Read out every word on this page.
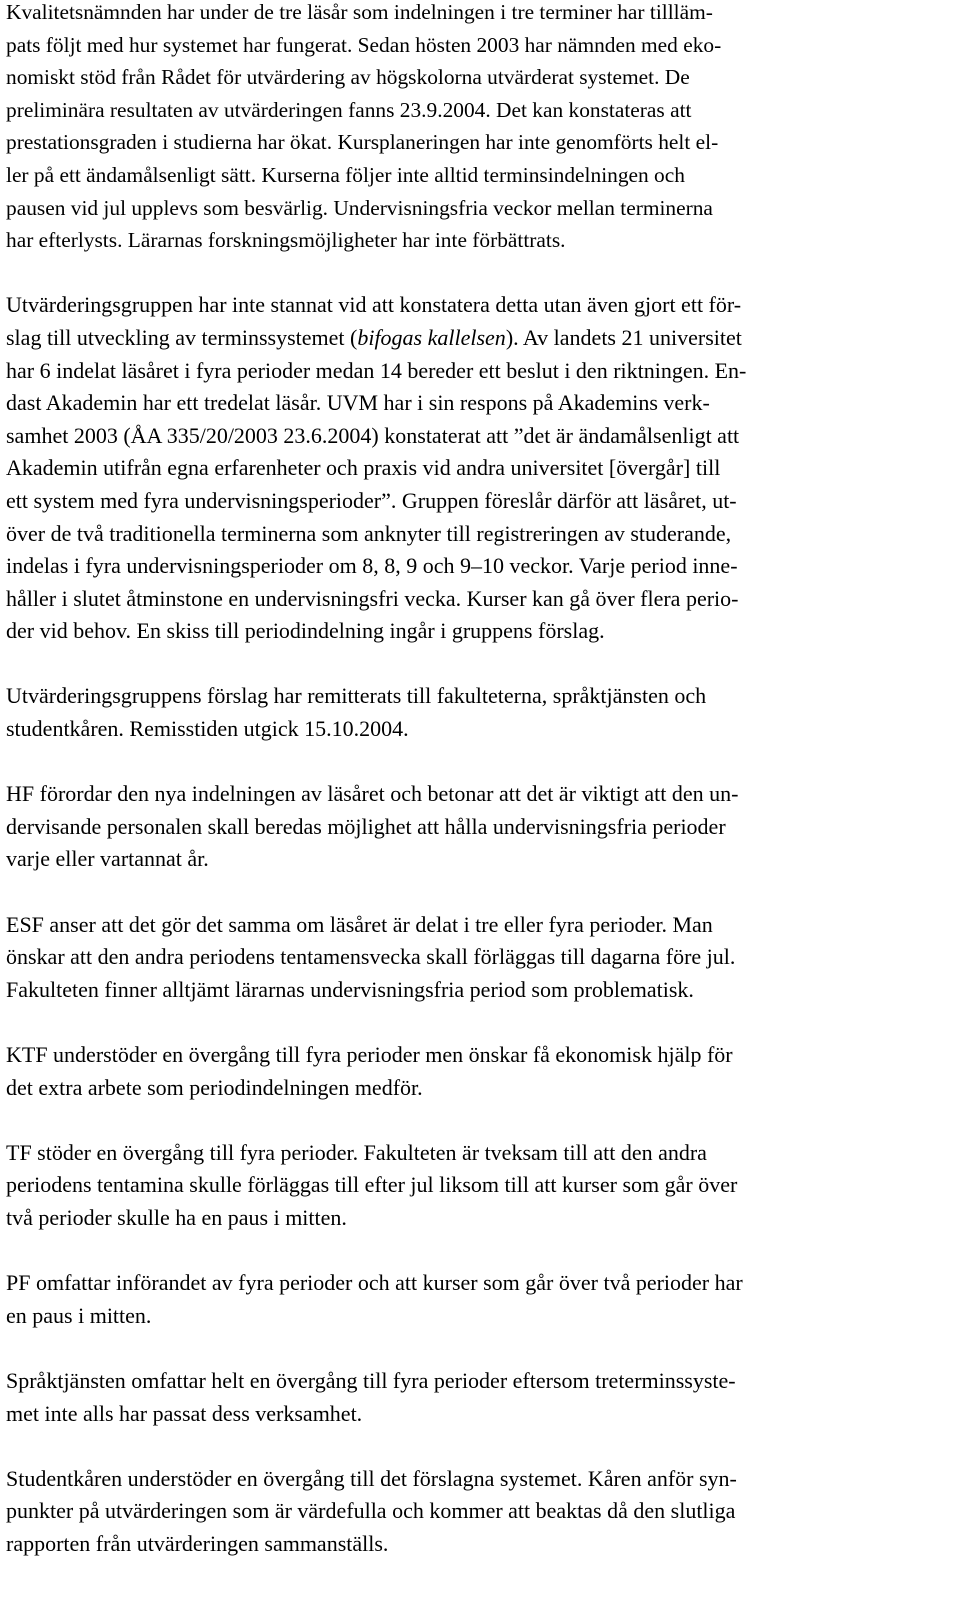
Kvalitetsnämnden har under de tre läsår som indelningen i tre terminer har tillläm-
pats följt med hur systemet har fungerat. Sedan hösten 2003 har nämnden med eko-
nomiskt stöd från Rådet för utvärdering av högskolorna utvärderat systemet. De
preliminära resultaten av utvärderingen fanns 23.9.2004. Det kan konstateras att
prestationsgraden i studierna har ökat. Kursplaneringen har inte genomförts helt el-
ler på ett ändamålsenligt sätt. Kurserna följer inte alltid terminsindelningen och
pausen vid jul upplevs som besvärlig. Undervisningsfria veckor mellan terminerna
har efterlysts. Lärarnas forskningsmöjligheter har inte förbättrats.

Utvärderingsgruppen har inte stannat vid att konstatera detta utan även gjort ett för-
slag till utveckling av terminssystemet (bifogas kallelsen). Av landets 21 universitet
har 6 indelat läsåret i fyra perioder medan 14 bereder ett beslut i den riktningen. En-
dast Akademin har ett tredelat läsår. UVM har i sin respons på Akademins verk-
samhet 2003 (ÅA 335/20/2003 23.6.2004) konstaterat att ”det är ändamålsenligt att
Akademin utifrån egna erfarenheter och praxis vid andra universitet [övergår] till
ett system med fyra undervisningsperioder”. Gruppen föreslår därför att läsåret, ut-
över de två traditionella terminerna som anknyter till registreringen av studerande,
indelas i fyra undervisningsperioder om 8, 8, 9 och 9–10 veckor. Varje period inne-
håller i slutet åtminstone en undervisningsfri vecka. Kurser kan gå över flera perio-
der vid behov. En skiss till periodindelning ingår i gruppens förslag.

Utvärderingsgruppens förslag har remitterats till fakulteterna, språktjänsten och
studentkåren. Remisstiden utgick 15.10.2004.

HF förordar den nya indelningen av läsåret och betonar att det är viktigt att den un-
dervisande personalen skall beredas möjlighet att hålla undervisningsfria perioder
varje eller vartannat år.

ESF anser att det gör det samma om läsåret är delat i tre eller fyra perioder. Man
önskar att den andra periodens tentamensvecka skall förläggas till dagarna före jul.
Fakulteten finner alltjämt lärarnas undervisningsfria period som problematisk.

KTF understöder en övergång till fyra perioder men önskar få ekonomisk hjälp för
det extra arbete som periodindelningen medför.

TF stöder en övergång till fyra perioder. Fakulteten är tveksam till att den andra
periodens tentamina skulle förläggas till efter jul liksom till att kurser som går över
två perioder skulle ha en paus i mitten.

PF omfattar införandet av fyra perioder och att kurser som går över två perioder har
en paus i mitten.

Språktjänsten omfattar helt en övergång till fyra perioder eftersom treterminssyste-
met inte alls har passat dess verksamhet.

Studentkåren understöder en övergång till det förslagna systemet. Kåren anför syn-
punkter på utvärderingen som är värdefulla och kommer att beaktas då den slutliga
rapporten från utvärderingen sammanställs.
